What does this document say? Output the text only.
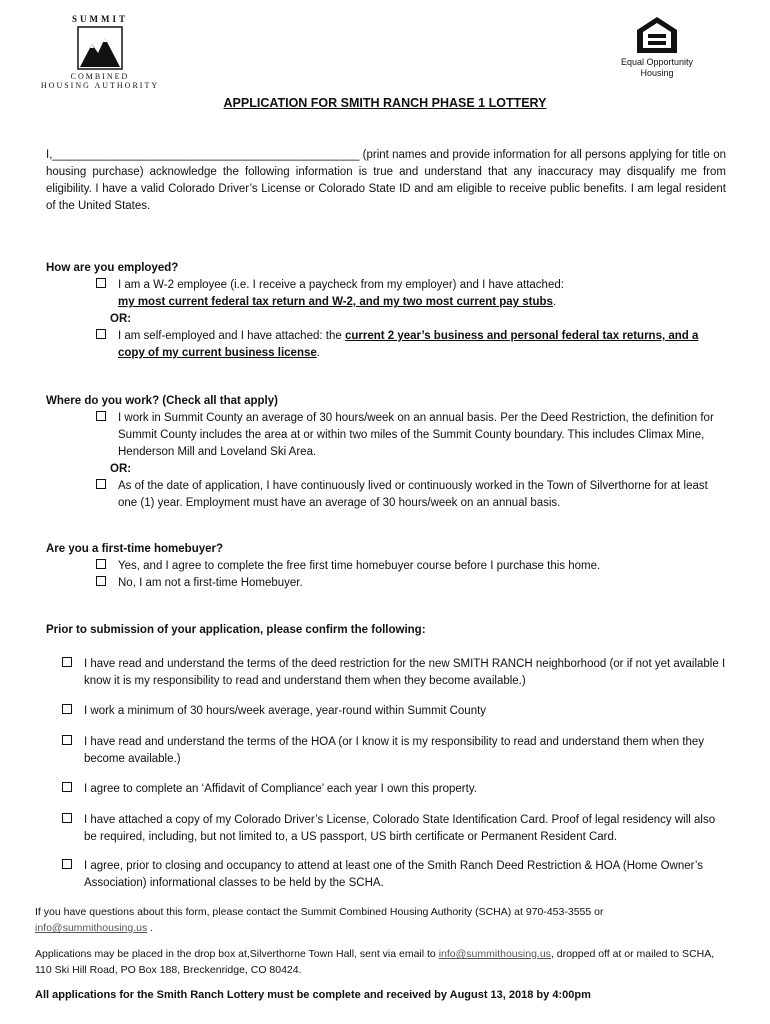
SUMMIT
COMBINED
HOUSING AUTHORITY
Equal Opportunity
Housing
APPLICATION FOR SMITH RANCH PHASE 1 LOTTERY
I,________________________________________________ (print names and provide information for all persons applying for title on housing purchase) acknowledge the following information is true and understand that any inaccuracy may disqualify me from eligibility. I have a valid Colorado Driver’s License or Colorado State ID and am eligible to receive public benefits. I am legal resident of the United States.
How are you employed?
I am a W-2 employee (i.e. I receive a paycheck from my employer) and I have attached:
my most current federal tax return and W-2, and my two most current pay stubs.
OR:
I am self-employed and I have attached: the current 2 year’s business and personal federal tax returns, and a copy of my current business license.
Where do you work? (Check all that apply)
I work in Summit County an average of 30 hours/week on an annual basis. Per the Deed Restriction, the definition for Summit County includes the area at or within two miles of the Summit County boundary. This includes Climax Mine, Henderson Mill and Loveland Ski Area.
OR:
As of the date of application, I have continuously lived or continuously worked in the Town of Silverthorne for at least one (1) year. Employment must have an average of 30 hours/week on an annual basis.
Are you a first-time homebuyer?
Yes, and I agree to complete the free first time homebuyer course before I purchase this home.
No, I am not a first-time Homebuyer.
Prior to submission of your application, please confirm the following:
I have read and understand the terms of the deed restriction for the new SMITH RANCH neighborhood (or if not yet available I know it is my responsibility to read and understand them when they become available.)
I work a minimum of 30 hours/week average, year-round within Summit County
I have read and understand the terms of the HOA (or I know it is my responsibility to read and understand them when they become available.)
I agree to complete an ‘Affidavit of Compliance’ each year I own this property.
I have attached a copy of my Colorado Driver’s License, Colorado State Identification Card. Proof of legal residency will also be required, including, but not limited to, a US passport, US birth certificate or Permanent Resident Card.
I agree, prior to closing and occupancy to attend at least one of the Smith Ranch Deed Restriction & HOA (Home Owner’s Association) informational classes to be held by the SCHA.
If you have questions about this form, please contact the Summit Combined Housing Authority (SCHA) at 970-453-3555 or
info@summithousing.us .
Applications may be placed in the drop box at,Silverthorne Town Hall, sent via email to info@summithousing.us, dropped off at or mailed to SCHA, 110 Ski Hill Road, PO Box 188, Breckenridge, CO 80424.
All applications for the Smith Ranch Lottery must be complete and received by August 13, 2018 by 4:00pm
